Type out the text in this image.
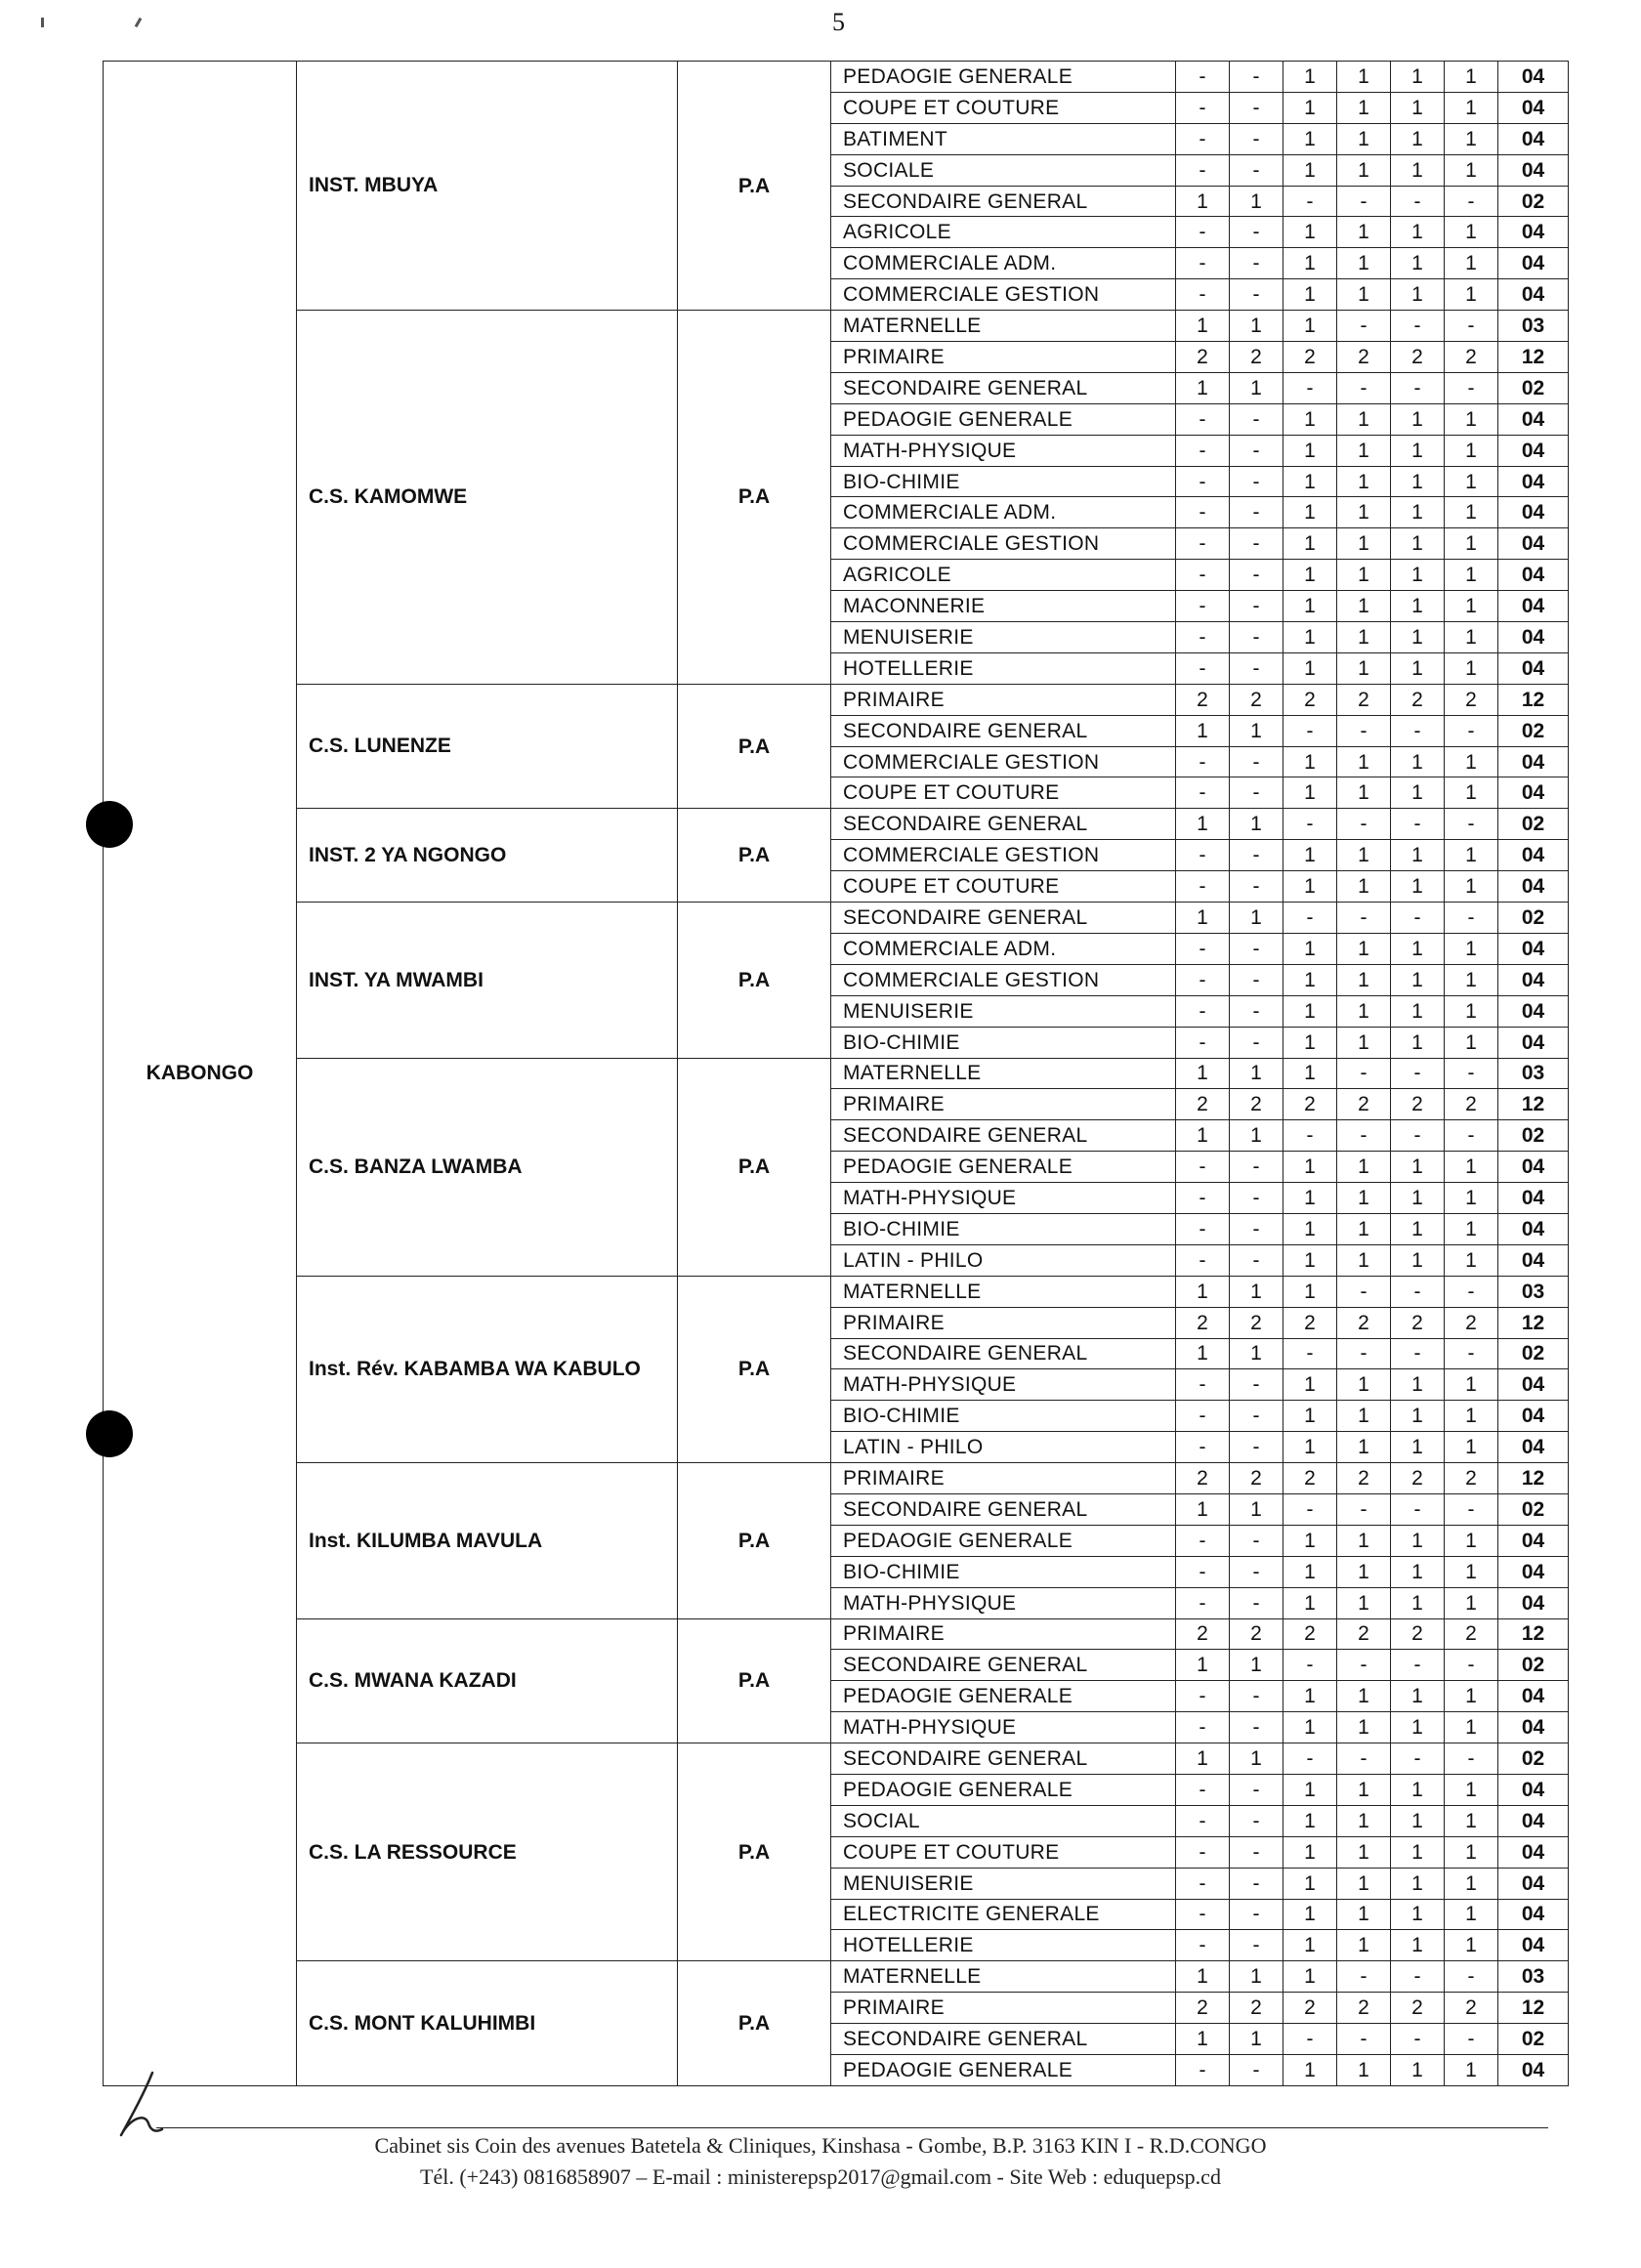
5
KABONGO	INST. MBUYA	P.A	PEDAOGIE GENERALE	-	-	1	1	1	1	04
			COUPE ET COUTURE	-	-	1	1	1	1	04
			BATIMENT	-	-	1	1	1	1	04
			SOCIALE	-	-	1	1	1	1	04
			SECONDAIRE GENERAL	1	1	-	-	-	-	02
			AGRICOLE	-	-	1	1	1	1	04
			COMMERCIALE ADM.	-	-	1	1	1	1	04
			COMMERCIALE GESTION	-	-	1	1	1	1	04
	C.S. KAMOMWE	P.A	MATERNELLE	1	1	1	-	-	-	03
			PRIMAIRE	2	2	2	2	2	2	12
			SECONDAIRE GENERAL	1	1	-	-	-	-	02
			PEDAOGIE GENERALE	-	-	1	1	1	1	04
			MATH-PHYSIQUE	-	-	1	1	1	1	04
			BIO-CHIMIE	-	-	1	1	1	1	04
			COMMERCIALE ADM.	-	-	1	1	1	1	04
			COMMERCIALE GESTION	-	-	1	1	1	1	04
			AGRICOLE	-	-	1	1	1	1	04
			MACONNERIE	-	-	1	1	1	1	04
			MENUISERIE	-	-	1	1	1	1	04
			HOTELLERIE	-	-	1	1	1	1	04
	C.S. LUNENZE	P.A	PRIMAIRE	2	2	2	2	2	2	12
			SECONDAIRE GENERAL	1	1	-	-	-	-	02
			COMMERCIALE GESTION	-	-	1	1	1	1	04
			COUPE ET COUTURE	-	-	1	1	1	1	04
	INST. 2 YA NGONGO	P.A	SECONDAIRE GENERAL	1	1	-	-	-	-	02
			COMMERCIALE GESTION	-	-	1	1	1	1	04
			COUPE ET COUTURE	-	-	1	1	1	1	04
	INST. YA MWAMBI	P.A	SECONDAIRE GENERAL	1	1	-	-	-	-	02
			COMMERCIALE ADM.	-	-	1	1	1	1	04
			COMMERCIALE GESTION	-	-	1	1	1	1	04
			MENUISERIE	-	-	1	1	1	1	04
			BIO-CHIMIE	-	-	1	1	1	1	04
	C.S. BANZA LWAMBA	P.A	MATERNELLE	1	1	1	-	-	-	03
			PRIMAIRE	2	2	2	2	2	2	12
			SECONDAIRE GENERAL	1	1	-	-	-	-	02
			PEDAOGIE GENERALE	-	-	1	1	1	1	04
			MATH-PHYSIQUE	-	-	1	1	1	1	04
			BIO-CHIMIE	-	-	1	1	1	1	04
			LATIN - PHILO	-	-	1	1	1	1	04
	Inst. Rév. KABAMBA WA KABULO	P.A	MATERNELLE	1	1	1	-	-	-	03
			PRIMAIRE	2	2	2	2	2	2	12
			SECONDAIRE GENERAL	1	1	-	-	-	-	02
			MATH-PHYSIQUE	-	-	1	1	1	1	04
			BIO-CHIMIE	-	-	1	1	1	1	04
			LATIN - PHILO	-	-	1	1	1	1	04
	Inst. KILUMBA MAVULA	P.A	PRIMAIRE	2	2	2	2	2	2	12
			SECONDAIRE GENERAL	1	1	-	-	-	-	02
			PEDAOGIE GENERALE	-	-	1	1	1	1	04
			BIO-CHIMIE	-	-	1	1	1	1	04
			MATH-PHYSIQUE	-	-	1	1	1	1	04
	C.S. MWANA KAZADI	P.A	PRIMAIRE	2	2	2	2	2	2	12
			SECONDAIRE GENERAL	1	1	-	-	-	-	02
			PEDAOGIE GENERALE	-	-	1	1	1	1	04
			MATH-PHYSIQUE	-	-	1	1	1	1	04
	C.S. LA RESSOURCE	P.A	SECONDAIRE GENERAL	1	1	-	-	-	-	02
			PEDAOGIE GENERALE	-	-	1	1	1	1	04
			SOCIAL	-	-	1	1	1	1	04
			COUPE ET COUTURE	-	-	1	1	1	1	04
			MENUISERIE	-	-	1	1	1	1	04
			ELECTRICITE GENERALE	-	-	1	1	1	1	04
			HOTELLERIE	-	-	1	1	1	1	04
	C.S. MONT KALUHIMBI	P.A	MATERNELLE	1	1	1	-	-	-	03
			PRIMAIRE	2	2	2	2	2	2	12
			SECONDAIRE GENERAL	1	1	-	-	-	-	02
			PEDAOGIE GENERALE	-	-	1	1	1	1	04
Cabinet sis Coin des avenues Batetela & Cliniques, Kinshasa - Gombe, B.P. 3163 KIN I - R.D.CONGO
Tél. (+243) 0816858907 – E-mail : ministerepsp2017@gmail.com - Site Web : eduquepsp.cd
